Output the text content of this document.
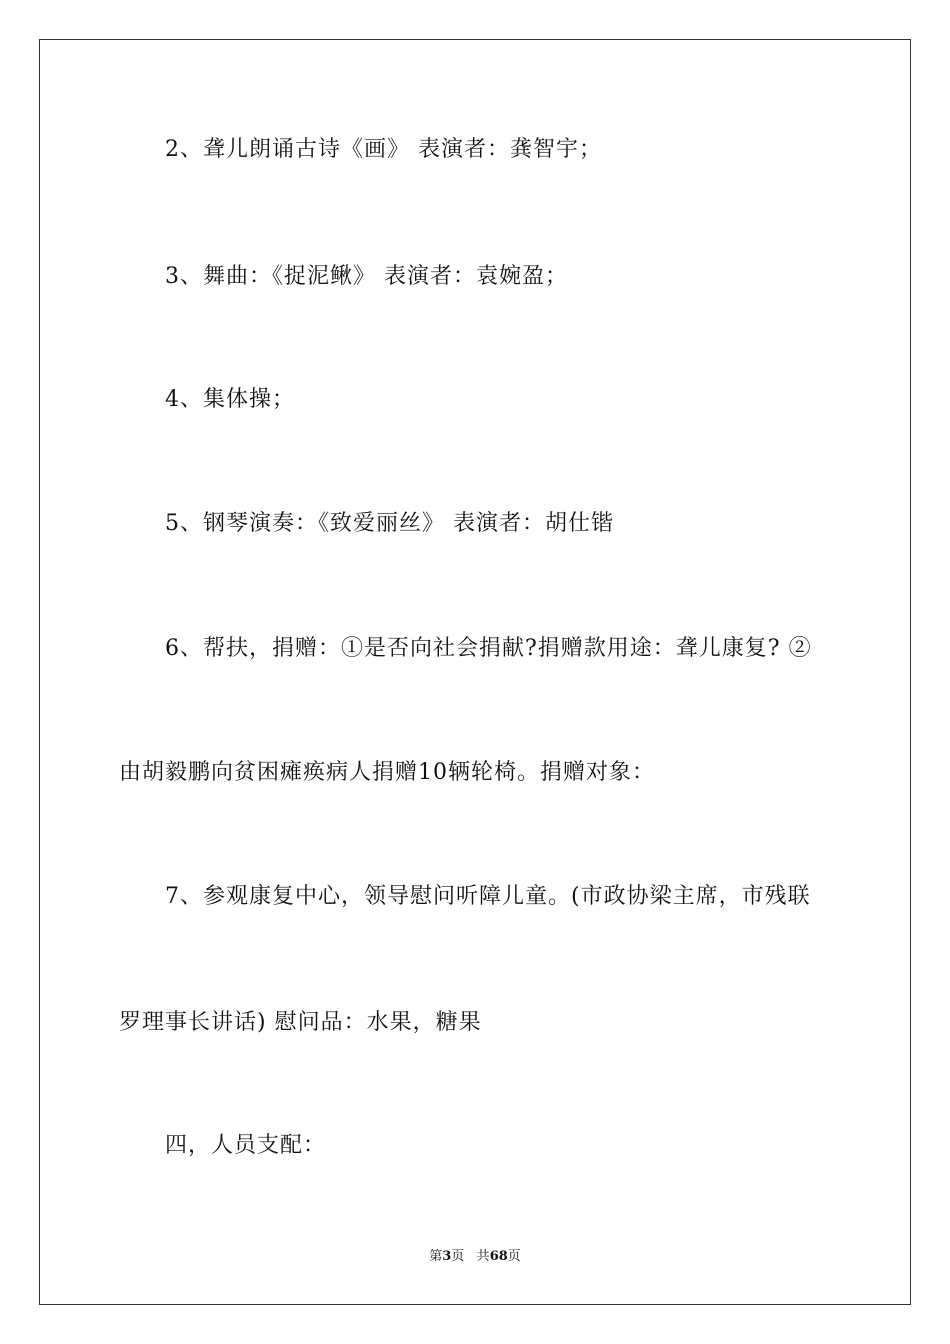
2、聋儿朗诵古诗《画》 表演者：龚智宇；
3、舞曲：《捉泥鳅》 表演者：袁婉盈；
4、集体操；
5、钢琴演奏：《致爱丽丝》 表演者：胡仕锴
6、帮扶，捐赠：①是否向社会捐献?捐赠款用途：聋儿康复? ②
由胡毅鹏向贫困瘫痪病人捐赠10辆轮椅。捐赠对象：
7、参观康复中心，领导慰问听障儿童。(市政协梁主席，市残联
罗理事长讲话) 慰问品：水果，糖果
四，人员支配：
第3页 共68页
